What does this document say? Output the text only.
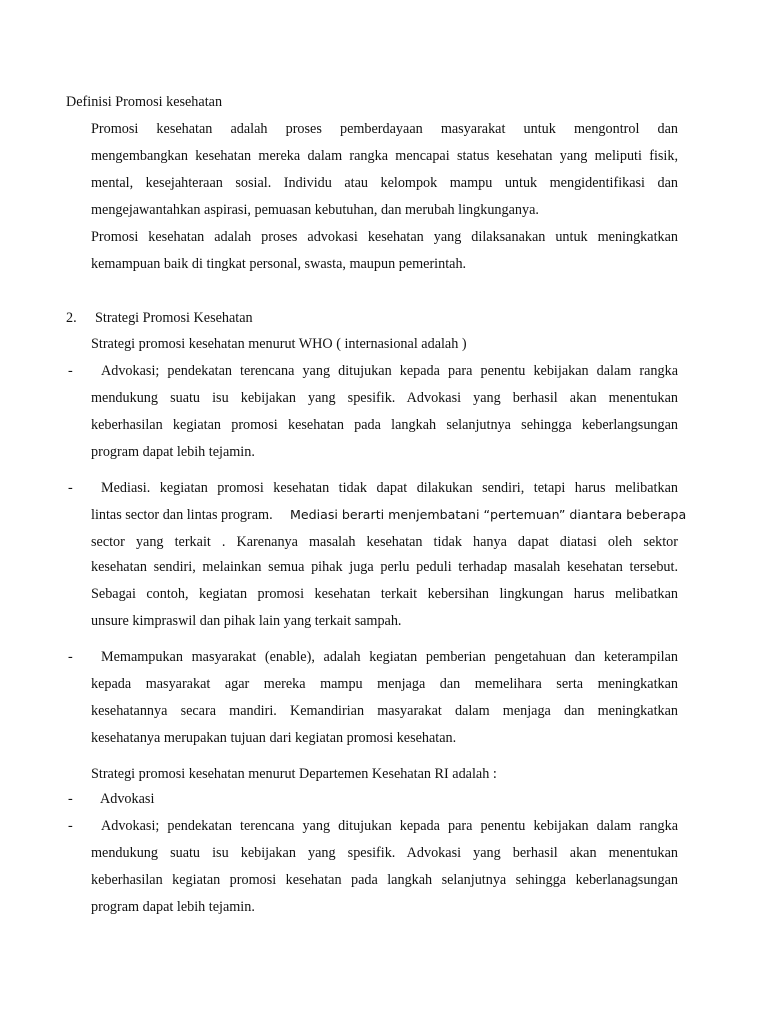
Definisi Promosi kesehatan
Promosi kesehatan adalah proses pemberdayaan masyarakat untuk mengontrol dan
mengembangkan kesehatan mereka dalam rangka mencapai status kesehatan yang meliputi fisik,
mental, kesejahteraan sosial. Individu atau kelompok mampu untuk mengidentifikasi dan
mengejawantahkan aspirasi, pemuasan kebutuhan, dan merubah lingkunganya.
Promosi kesehatan adalah proses advokasi kesehatan yang dilaksanakan untuk meningkatkan
kemampuan baik di tingkat personal, swasta, maupun pemerintah.
2. Strategi Promosi Kesehatan
Strategi promosi kesehatan menurut WHO ( internasional adalah )
- Advokasi; pendekatan terencana yang ditujukan kepada para penentu kebijakan dalam rangka
mendukung suatu isu kebijakan yang spesifik. Advokasi yang berhasil akan menentukan
keberhasilan kegiatan promosi kesehatan pada langkah selanjutnya sehingga keberlangsungan
program dapat lebih tejamin.
- Mediasi. kegiatan promosi kesehatan tidak dapat dilakukan sendiri, tetapi harus melibatkan
lintas sector dan lintas program. Mediasi berarti menjembatani “pertemuan” diantara beberapa
sector yang terkait . Karenanya masalah kesehatan tidak hanya dapat diatasi oleh sektor
kesehatan sendiri, melainkan semua pihak juga perlu peduli terhadap masalah kesehatan tersebut.
Sebagai contoh, kegiatan promosi kesehatan terkait kebersihan lingkungan harus melibatkan
unsure kimpraswil dan pihak lain yang terkait sampah.
- Memampukan masyarakat (enable), adalah kegiatan pemberian pengetahuan dan keterampilan
kepada masyarakat agar mereka mampu menjaga dan memelihara serta meningkatkan
kesehatannya secara mandiri. Kemandirian masyarakat dalam menjaga dan meningkatkan
kesehatanya merupakan tujuan dari kegiatan promosi kesehatan.
Strategi promosi kesehatan menurut Departemen Kesehatan RI adalah :
- Advokasi
- Advokasi; pendekatan terencana yang ditujukan kepada para penentu kebijakan dalam rangka
mendukung suatu isu kebijakan yang spesifik. Advokasi yang berhasil akan menentukan
keberhasilan kegiatan promosi kesehatan pada langkah selanjutnya sehingga keberlanagsungan
program dapat lebih tejamin.
